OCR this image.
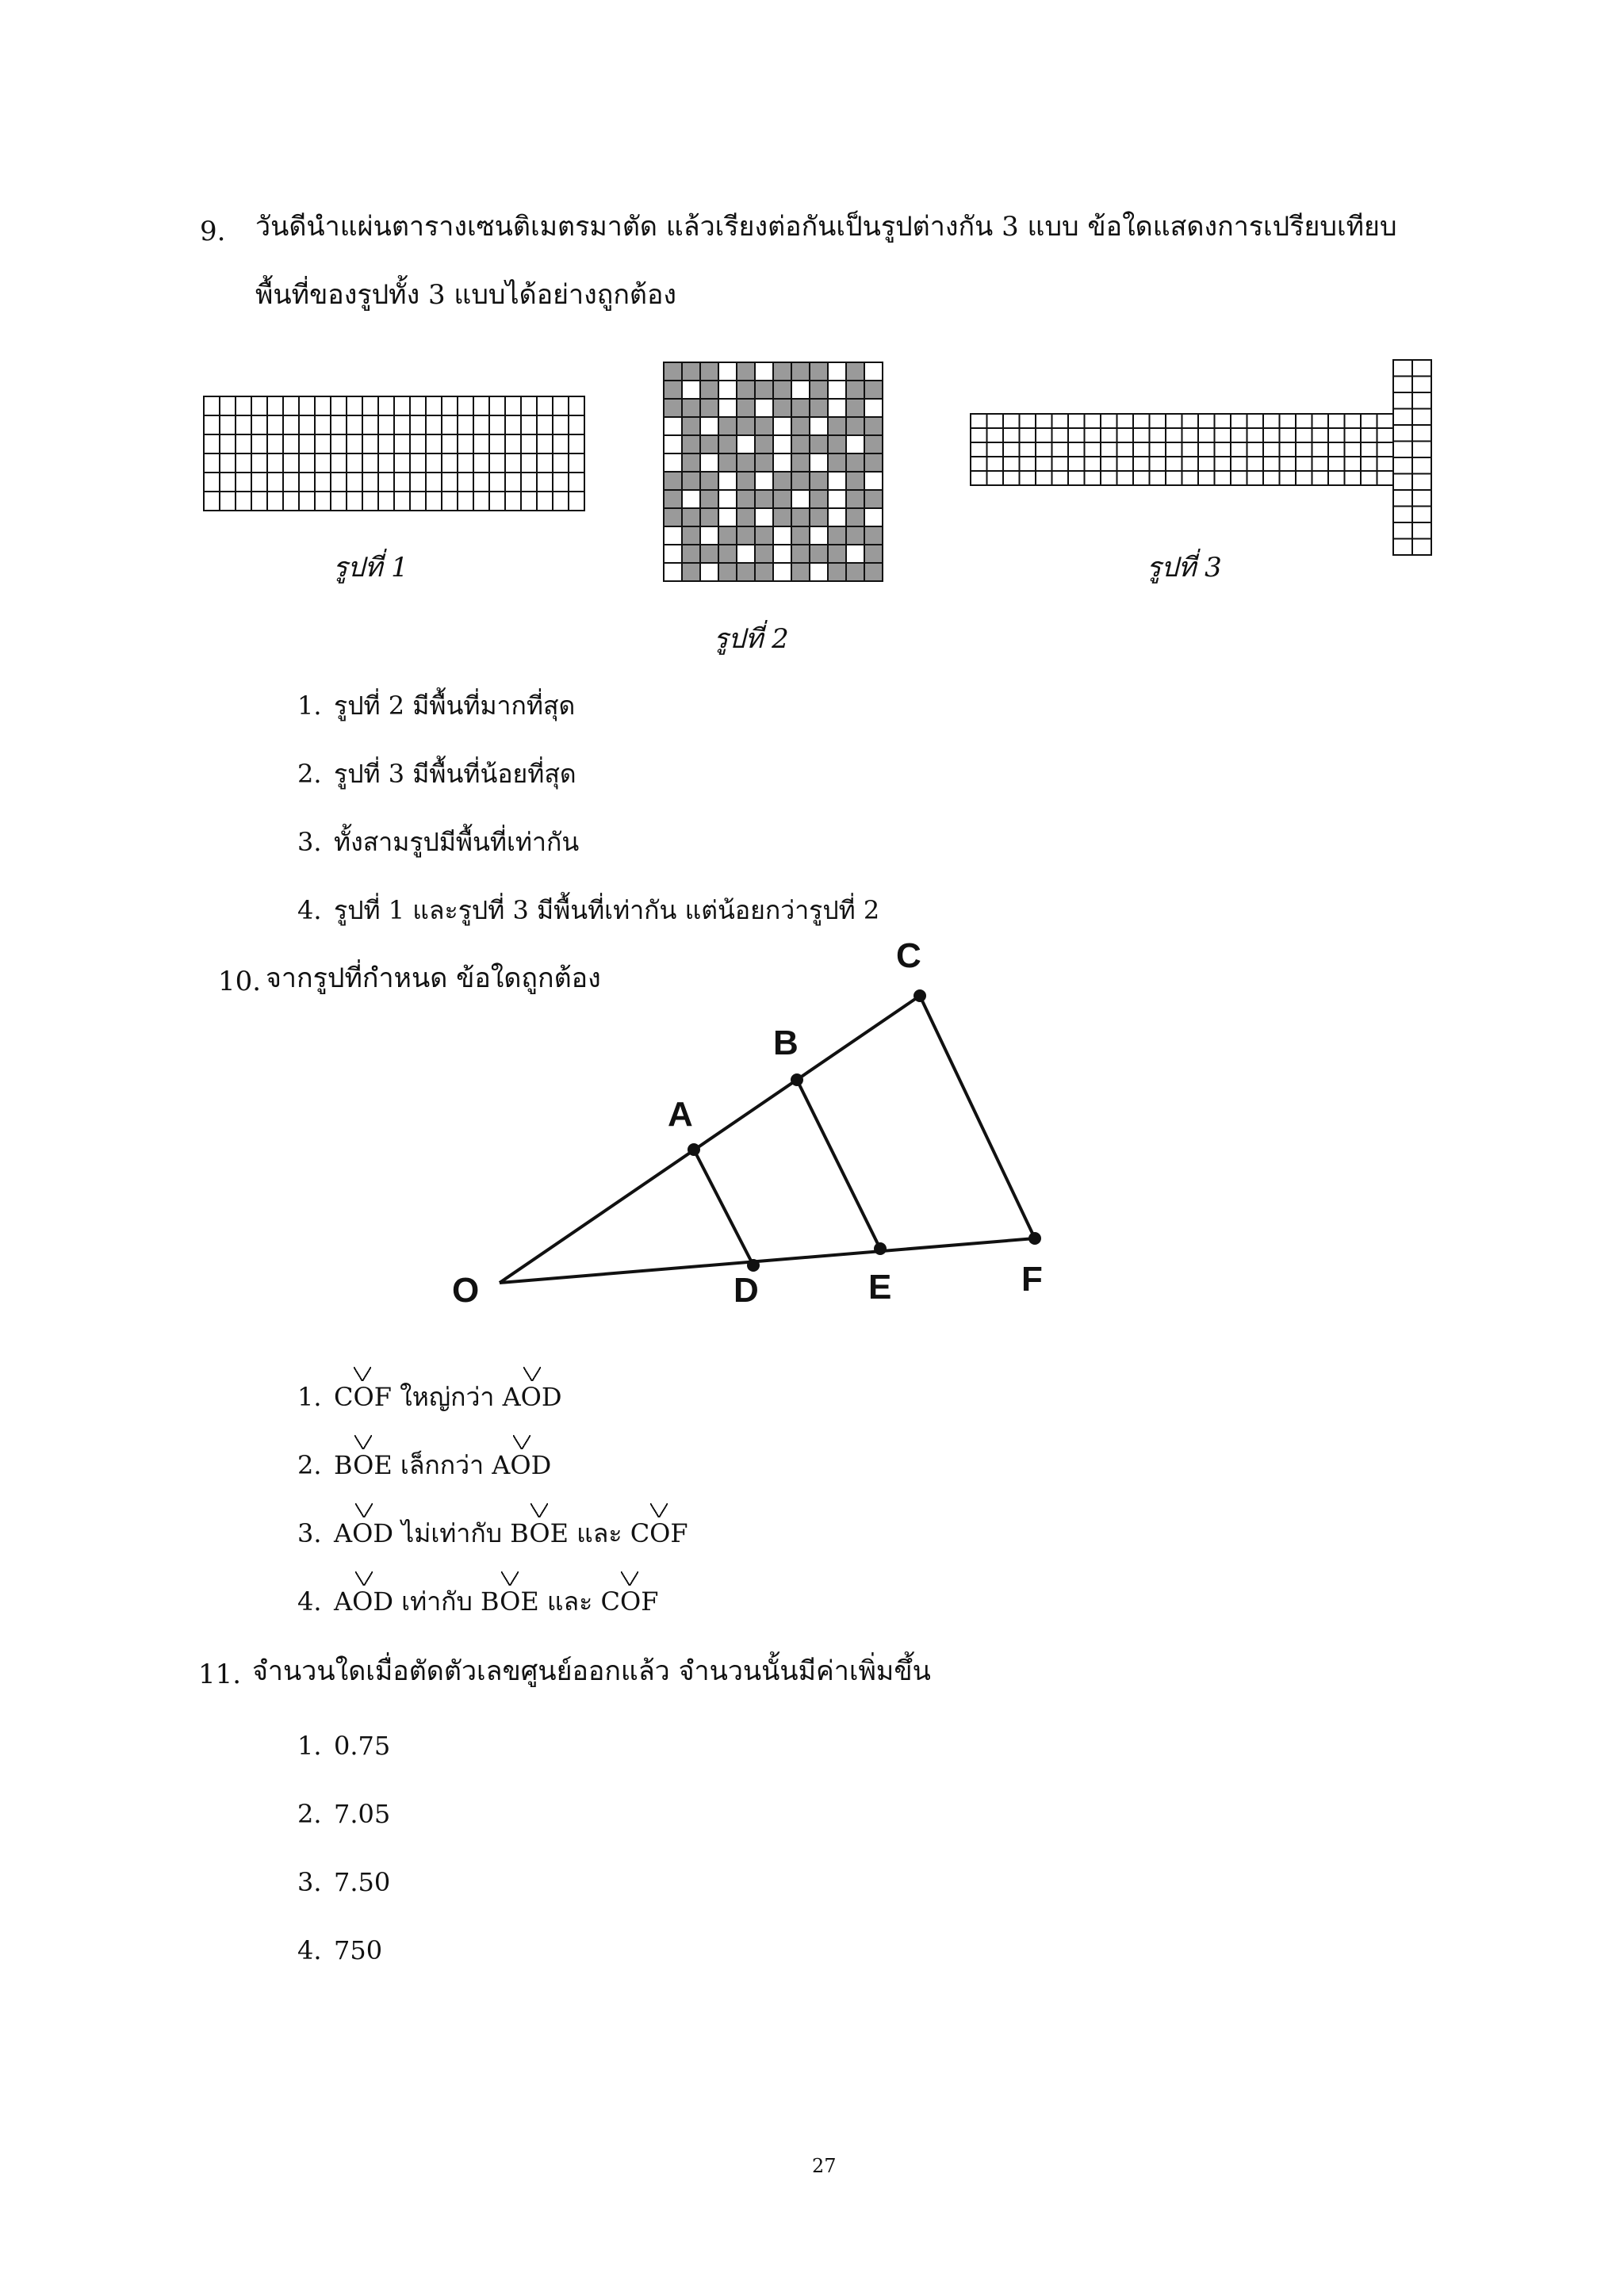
9. วันดีนำแผ่นตารางเซนติเมตรมาตัด แล้วเรียงต่อกันเป็นรูปต่างกัน 3 แบบ ข้อใดแสดงการเปรียบเทียบ
พื้นที่ของรูปทั้ง 3 แบบได้อย่างถูกต้อง
รูปที่ 1
รูปที่ 2
รูปที่ 3
1. รูปที่ 2 มีพื้นที่มากที่สุด
2. รูปที่ 3 มีพื้นที่น้อยที่สุด
3. ทั้งสามรูปมีพื้นที่เท่ากัน
4. รูปที่ 1 และรูปที่ 3 มีพื้นที่เท่ากัน แต่น้อยกว่ารูปที่ 2
10. จากรูปที่กำหนด ข้อใดถูกต้อง
O
A
B
C
D	E	F
1. COF ใหญ่กว่า AOD
2. BOE เล็กกว่า AOD
3. AOD ไม่เท่ากับ BOE และ COF
4. AOD เท่ากับ BOE และ COF
11. จำนวนใดเมื่อตัดตัวเลขศูนย์ออกแล้ว จำนวนนั้นมีค่าเพิ่มขึ้น
1. 0.75
2. 7.05
3. 7.50
4. 750
27
